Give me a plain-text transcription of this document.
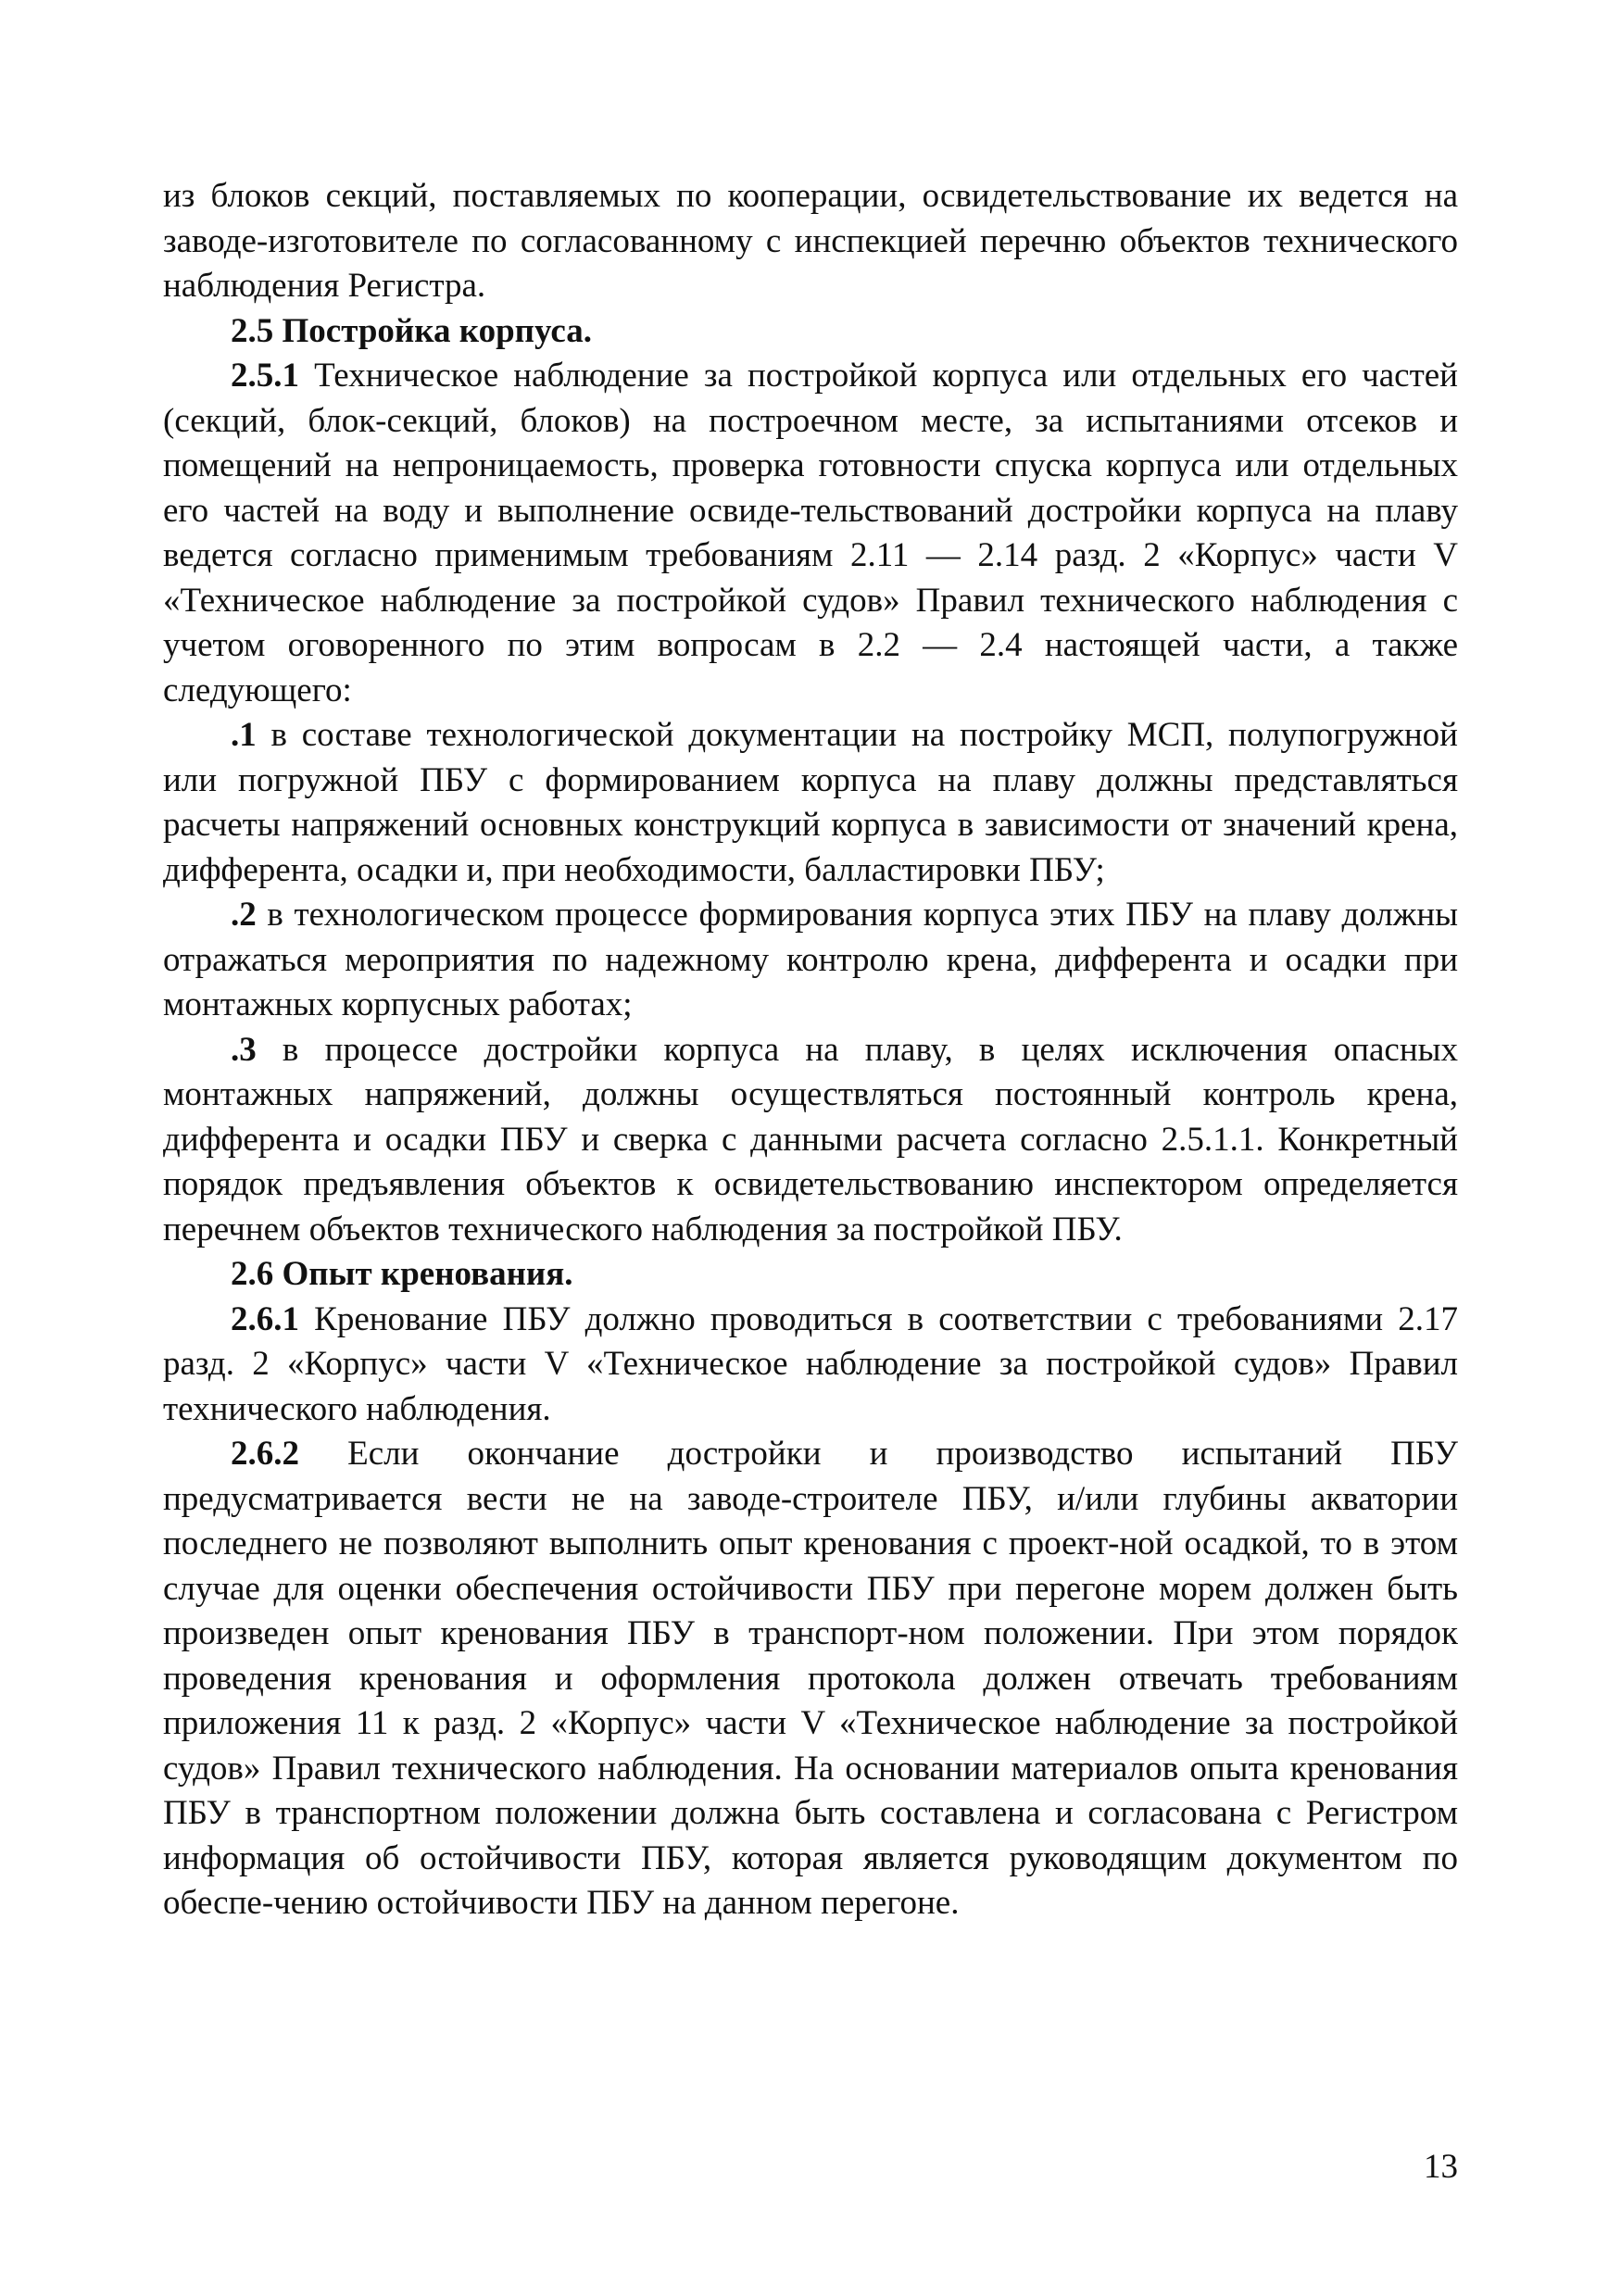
из блоков секций, поставляемых по кооперации, освидетельствование их ведется на заводе-изготовителе по согласованному с инспекцией перечню объектов технического наблюдения Регистра.

2.5 Постройка корпуса.

2.5.1 Техническое наблюдение за постройкой корпуса или отдельных его частей (секций, блок-секций, блоков) на построечном месте, за испытаниями отсеков и помещений на непроницаемость, проверка готовности спуска корпуса или отдельных его частей на воду и выполнение освиде-тельствований достройки корпуса на плаву ведется согласно применимым требованиям 2.11 — 2.14 разд. 2 «Корпус» части V «Техническое наблюдение за постройкой судов» Правил технического наблюдения с учетом оговоренного по этим вопросам в 2.2 — 2.4 настоящей части, а также следующего:

.1 в составе технологической документации на постройку МСП, полупогружной или погружной ПБУ с формированием корпуса на плаву должны представляться расчеты напряжений основных конструкций корпуса в зависимости от значений крена, дифферента, осадки и, при необходимости, балластировки ПБУ;

.2 в технологическом процессе формирования корпуса этих ПБУ на плаву должны отражаться мероприятия по надежному контролю крена, дифферента и осадки при монтажных корпусных работах;

.3 в процессе достройки корпуса на плаву, в целях исключения опасных монтажных напряжений, должны осуществляться постоянный контроль крена, дифферента и осадки ПБУ и сверка с данными расчета согласно 2.5.1.1. Конкретный порядок предъявления объектов к освидетельствованию инспектором определяется перечнем объектов технического наблюдения за постройкой ПБУ.

2.6 Опыт кренования.

2.6.1 Кренование ПБУ должно проводиться в соответствии с требованиями 2.17 разд. 2 «Корпус» части V «Техническое наблюдение за постройкой судов» Правил технического наблюдения.

2.6.2 Если окончание достройки и производство испытаний ПБУ предусматривается вести не на заводе-строителе ПБУ, и/или глубины акватории последнего не позволяют выполнить опыт кренования с проект-ной осадкой, то в этом случае для оценки обеспечения остойчивости ПБУ при перегоне морем должен быть произведен опыт кренования ПБУ в транспорт-ном положении. При этом порядок проведения кренования и оформления протокола должен отвечать требованиям приложения 11 к разд. 2 «Корпус» части V «Техническое наблюдение за постройкой судов» Правил технического наблюдения. На основании материалов опыта кренования ПБУ в транспортном положении должна быть составлена и согласована с Регистром информация об остойчивости ПБУ, которая является руководящим документом по обеспе-чению остойчивости ПБУ на данном перегоне.

13
